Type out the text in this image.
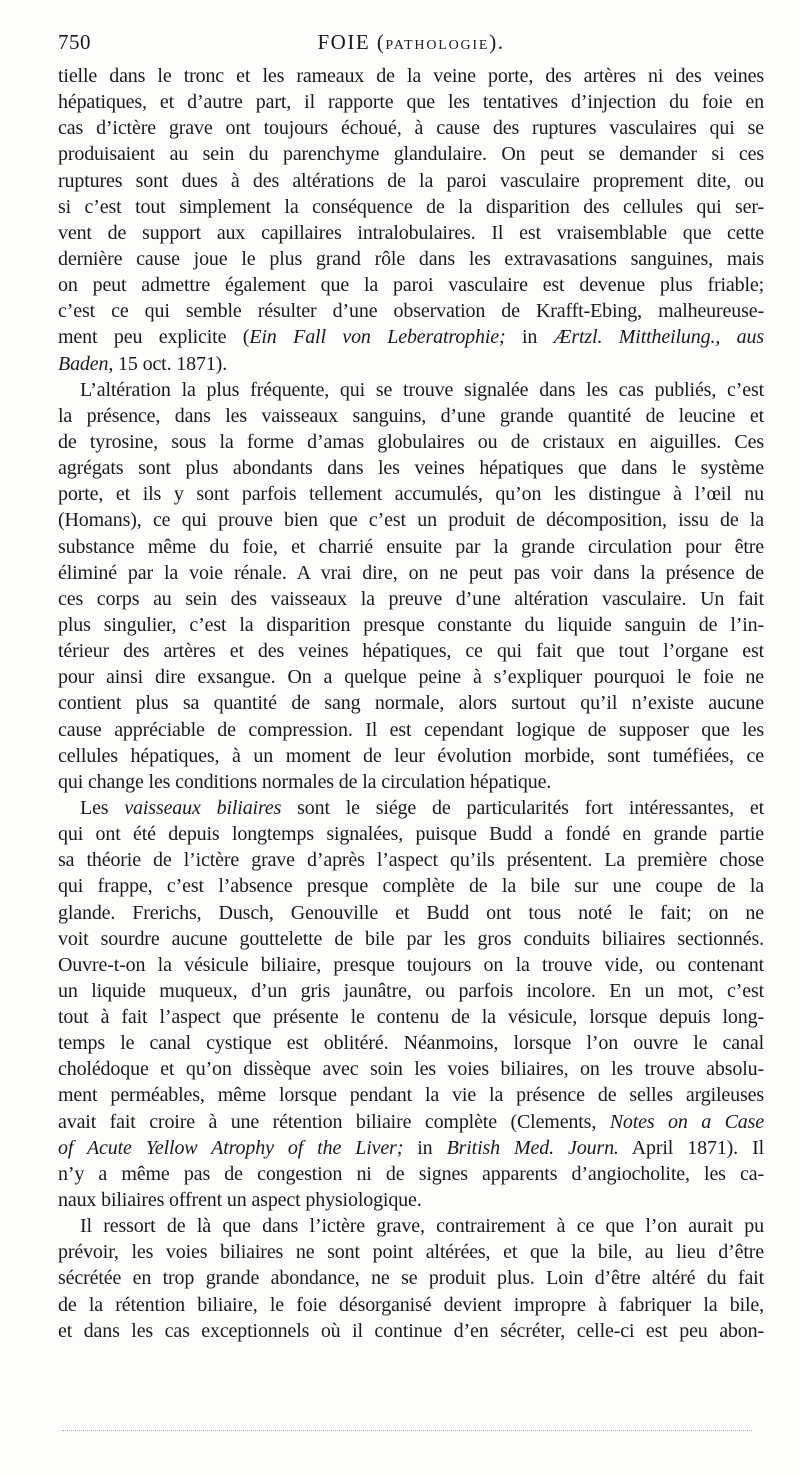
750	FOIE (PATHOLOGIE).
tielle dans le tronc et les rameaux de la veine porte, des artères ni des veines
hépatiques, et d’autre part, il rapporte que les tentatives d’injection du foie en
cas d’ictère grave ont toujours échoué, à cause des ruptures vasculaires qui se
produisaient au sein du parenchyme glandulaire. On peut se demander si ces
ruptures sont dues à des altérations de la paroi vasculaire proprement dite, ou
si c’est tout simplement la conséquence de la disparition des cellules qui ser-
vent de support aux capillaires intralobulaires. Il est vraisemblable que cette
dernière cause joue le plus grand rôle dans les extravasations sanguines, mais
on peut admettre également que la paroi vasculaire est devenue plus friable;
c’est ce qui semble résulter d’une observation de Krafft-Ebing, malheureuse-
ment peu explicite (Ein Fall von Leberatrophie; in Ærtzl. Mittheilung., aus
Baden, 15 oct. 1871).
L’altération la plus fréquente, qui se trouve signalée dans les cas publiés, c’est
la présence, dans les vaisseaux sanguins, d’une grande quantité de leucine et
de tyrosine, sous la forme d’amas globulaires ou de cristaux en aiguilles. Ces
agrégats sont plus abondants dans les veines hépatiques que dans le système
porte, et ils y sont parfois tellement accumulés, qu’on les distingue à l’œil nu
(Homans), ce qui prouve bien que c’est un produit de décomposition, issu de la
substance même du foie, et charrié ensuite par la grande circulation pour être
éliminé par la voie rénale. A vrai dire, on ne peut pas voir dans la présence de
ces corps au sein des vaisseaux la preuve d’une altération vasculaire. Un fait
plus singulier, c’est la disparition presque constante du liquide sanguin de l’in-
térieur des artères et des veines hépatiques, ce qui fait que tout l’organe est
pour ainsi dire exsangue. On a quelque peine à s’expliquer pourquoi le foie ne
contient plus sa quantité de sang normale, alors surtout qu’il n’existe aucune
cause appréciable de compression. Il est cependant logique de supposer que les
cellules hépatiques, à un moment de leur évolution morbide, sont tuméfiées, ce
qui change les conditions normales de la circulation hépatique.
Les vaisseaux biliaires sont le siége de particularités fort intéressantes, et
qui ont été depuis longtemps signalées, puisque Budd a fondé en grande partie
sa théorie de l’ictère grave d’après l’aspect qu’ils présentent. La première chose
qui frappe, c’est l’absence presque complète de la bile sur une coupe de la
glande. Frerichs, Dusch, Genouville et Budd ont tous noté le fait; on ne
voit sourdre aucune gouttelette de bile par les gros conduits biliaires sectionnés.
Ouvre-t-on la vésicule biliaire, presque toujours on la trouve vide, ou contenant
un liquide muqueux, d’un gris jaunâtre, ou parfois incolore. En un mot, c’est
tout à fait l’aspect que présente le contenu de la vésicule, lorsque depuis long-
temps le canal cystique est oblitéré. Néanmoins, lorsque l’on ouvre le canal
cholédoque et qu’on dissèque avec soin les voies biliaires, on les trouve absolu-
ment perméables, même lorsque pendant la vie la présence de selles argileuses
avait fait croire à une rétention biliaire complète (Clements, Notes on a Case
of Acute Yellow Atrophy of the Liver; in British Med. Journ. April 1871). Il
n’y a même pas de congestion ni de signes apparents d’angiocholite, les ca-
naux biliaires offrent un aspect physiologique.
Il ressort de là que dans l’ictère grave, contrairement à ce que l’on aurait pu
prévoir, les voies biliaires ne sont point altérées, et que la bile, au lieu d’être
sécrétée en trop grande abondance, ne se produit plus. Loin d’être altéré du fait
de la rétention biliaire, le foie désorganisé devient impropre à fabriquer la bile,
et dans les cas exceptionnels où il continue d’en sécréter, celle-ci est peu abon-
